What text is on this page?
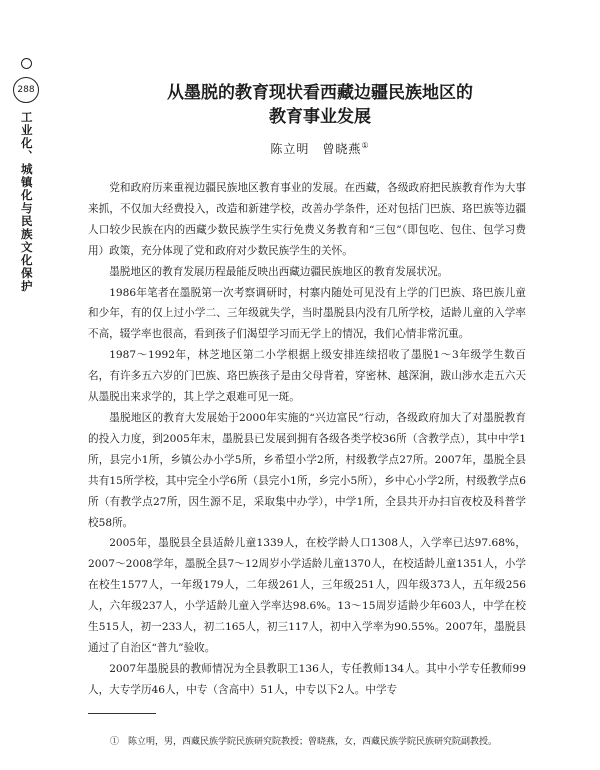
288
工业化、城镇化与民族文化保护
从墨脱的教育现状看西藏边疆民族地区的
教育事业发展
陈立明　曾晓燕①

党和政府历来重视边疆民族地区教育事业的发展。在西藏，各级政府把民族教育作为大事来抓，不仅加大经费投入，改造和新建学校，改善办学条件，还对包括门巴族、珞巴族等边疆人口较少民族在内的西藏少数民族学生实行免费义务教育和“三包”（即包吃、包住、包学习费用）政策，充分体现了党和政府对少数民族学生的关怀。

墨脱地区的教育发展历程最能反映出西藏边疆民族地区的教育发展状况。

1986年笔者在墨脱第一次考察调研时，村寨内随处可见没有上学的门巴族、珞巴族儿童和少年，有的仅上过小学二、三年级就失学，当时墨脱县内没有几所学校，适龄儿童的入学率不高，辍学率也很高，看到孩子们渴望学习而无学上的情况，我们心情非常沉重。

1987～1992年，林芝地区第二小学根据上级安排连续招收了墨脱1～3年级学生数百名，有许多五六岁的门巴族、珞巴族孩子是由父母背着，穿密林、越深涧，跋山涉水走五六天从墨脱出来求学的，其上学之艰难可见一斑。

墨脱地区的教育大发展始于2000年实施的“兴边富民”行动，各级政府加大了对墨脱教育的投入力度，到2005年末，墨脱县已发展到拥有各级各类学校36所（含教学点），其中中学1所，县完小1所，乡镇公办小学5所，乡希望小学2所，村级教学点27所。2007年，墨脱全县共有15所学校，其中完全小学6所（县完小1所，乡完小5所），乡中心小学2所，村级教学点6所（有教学点27所，因生源不足，采取集中办学），中学1所，全县共开办扫盲夜校及科普学校58所。

2005年，墨脱县全县适龄儿童1339人，在校学龄人口1308人，入学率已达97.68%，2007～2008学年，墨脱全县7～12周岁小学适龄儿童1370人，在校适龄儿童1351人，小学在校生1577人，一年级179人，二年级261人，三年级251人，四年级373人，五年级256人，六年级237人，小学适龄儿童入学率达98.6%。13～15周岁适龄少年603人，中学在校生515人，初一233人，初二165人，初三117人，初中入学率为90.55%。2007年，墨脱县通过了自治区“普九”验收。

2007年墨脱县的教师情况为全县教职工136人，专任教师134人。其中小学专任教师99人，大专学历46人，中专（含高中）51人，中专以下2人。中学专

①　陈立明，男，西藏民族学院民族研究院教授；曾晓燕，女，西藏民族学院民族研究院副教授。
